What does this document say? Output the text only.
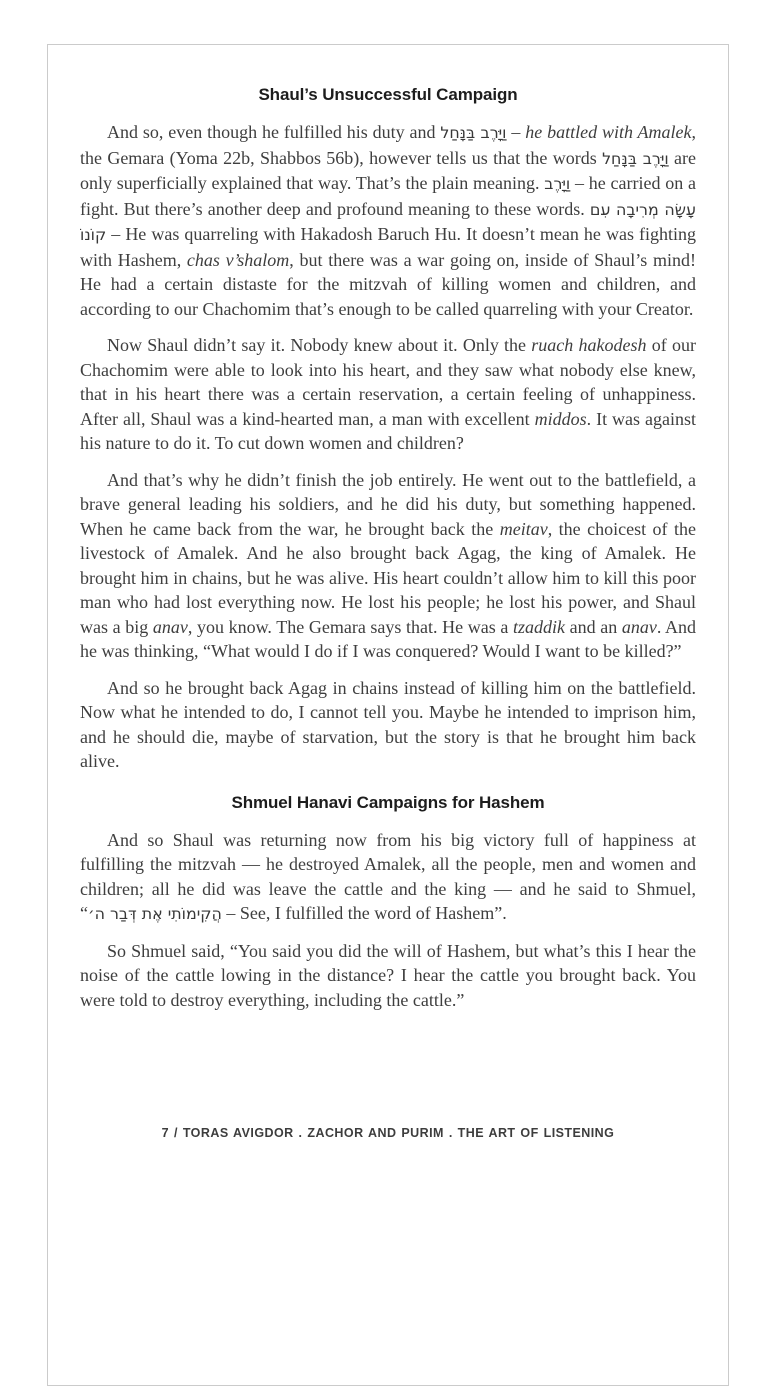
Shaul’s Unsuccessful Campaign

And so, even though he fulfilled his duty and וַיָּרֶב בַּנָּחַל – he battled with Amalek, the Gemara (Yoma 22b, Shabbos 56b), however tells us that the words וַיָּרֶב בַּנָּחַל are only superficially explained that way. That’s the plain meaning. וַיָּרֶב – he carried on a fight. But there’s another deep and profound meaning to these words. עָשָׂה מְרִיבָה עִם קוֹנוֹ – He was quarreling with Hakadosh Baruch Hu. It doesn’t mean he was fighting with Hashem, chas v’shalom, but there was a war going on, inside of Shaul’s mind! He had a certain distaste for the mitzvah of killing women and children, and according to our Chachomim that’s enough to be called quarreling with your Creator.

Now Shaul didn’t say it. Nobody knew about it. Only the ruach hakodesh of our Chachomim were able to look into his heart, and they saw what nobody else knew, that in his heart there was a certain reservation, a certain feeling of unhappiness. After all, Shaul was a kind-hearted man, a man with excellent middos. It was against his nature to do it. To cut down women and children?

And that’s why he didn’t finish the job entirely. He went out to the battlefield, a brave general leading his soldiers, and he did his duty, but something happened. When he came back from the war, he brought back the meitav, the choicest of the livestock of Amalek. And he also brought back Agag, the king of Amalek. He brought him in chains, but he was alive. His heart couldn’t allow him to kill this poor man who had lost everything now. He lost his people; he lost his power, and Shaul was a big anav, you know. The Gemara says that. He was a tzaddik and an anav. And he was thinking, “What would I do if I was conquered? Would I want to be killed?”

And so he brought back Agag in chains instead of killing him on the battlefield. Now what he intended to do, I cannot tell you. Maybe he intended to imprison him, and he should die, maybe of starvation, but the story is that he brought him back alive.

Shmuel Hanavi Campaigns for Hashem

And so Shaul was returning now from his big victory full of happiness at fulfilling the mitzvah — he destroyed Amalek, all the people, men and women and children; all he did was leave the cattle and the king — and he said to Shmuel, “הֲקִימוֹתִי אֶת דְּבַר ה׳ – See, I fulfilled the word of Hashem”.

So Shmuel said, “You said you did the will of Hashem, but what’s this I hear the noise of the cattle lowing in the distance? I hear the cattle you brought back. You were told to destroy everything, including the cattle.”

7 / TORAS AVIGDOR . ZACHOR AND PURIM . THE ART OF LISTENING
